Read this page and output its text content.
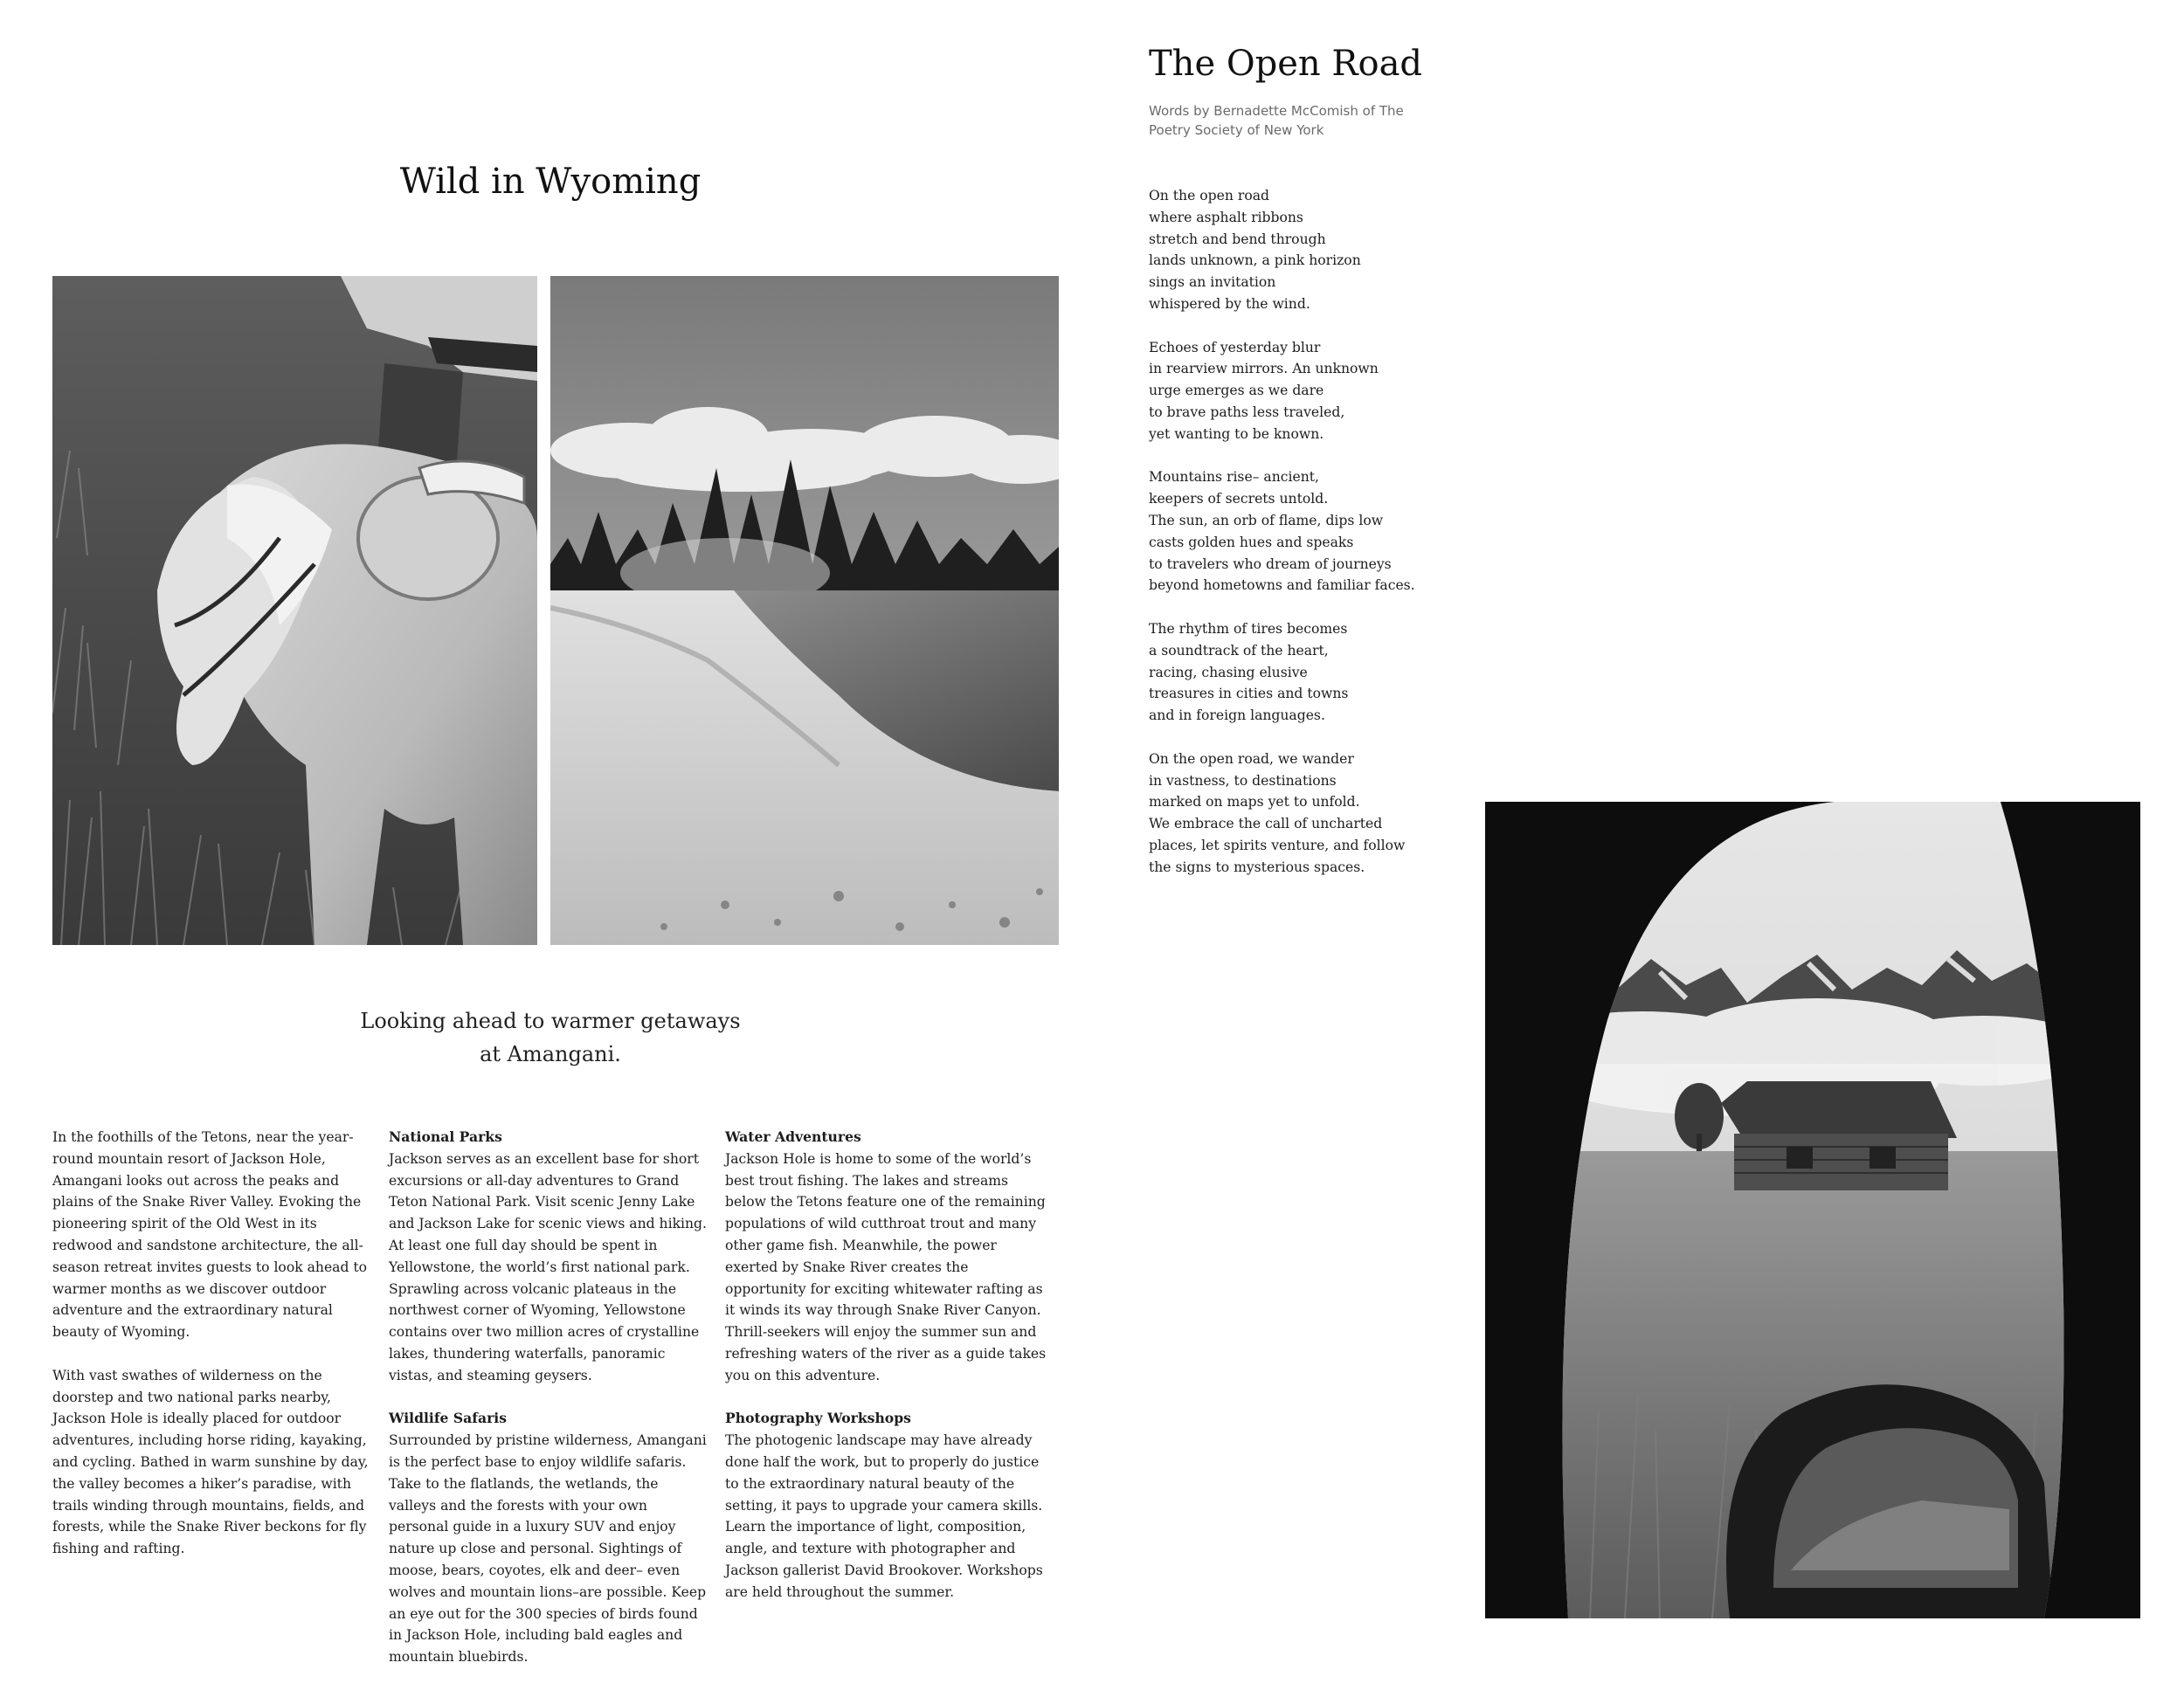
Wild in Wyoming
Looking ahead to warmer getaways
at Amangani.

In the foothills of the Tetons, near the year-round mountain resort of Jackson Hole, Amangani looks out across the peaks and plains of the Snake River Valley. Evoking the pioneering spirit of the Old West in its redwood and sandstone architecture, the all-season retreat invites guests to look ahead to warmer months as we discover outdoor adventure and the extraordinary natural beauty of Wyoming.

With vast swathes of wilderness on the doorstep and two national parks nearby, Jackson Hole is ideally placed for outdoor adventures, including horse riding, kayaking, and cycling. Bathed in warm sunshine by day, the valley becomes a hiker’s paradise, with trails winding through mountains, fields, and forests, while the Snake River beckons for fly fishing and rafting.

National Parks
Jackson serves as an excellent base for short excursions or all-day adventures to Grand Teton National Park. Visit scenic Jenny Lake and Jackson Lake for scenic views and hiking. At least one full day should be spent in Yellowstone, the world’s first national park. Sprawling across volcanic plateaus in the northwest corner of Wyoming, Yellowstone contains over two million acres of crystalline lakes, thundering waterfalls, panoramic vistas, and steaming geysers.
Wildlife Safaris
Surrounded by pristine wilderness, Amangani is the perfect base to enjoy wildlife safaris. Take to the flatlands, the wetlands, the valleys and the forests with your own personal guide in a luxury SUV and enjoy nature up close and personal. Sightings of moose, bears, coyotes, elk and deer– even wolves and mountain lions–are possible. Keep an eye out for the 300 species of birds found in Jackson Hole, including bald eagles and mountain bluebirds.
Water Adventures
Jackson Hole is home to some of the world’s best trout fishing. The lakes and streams below the Tetons feature one of the remaining populations of wild cutthroat trout and many other game fish. Meanwhile, the power exerted by Snake River creates the opportunity for exciting whitewater rafting as it winds its way through Snake River Canyon. Thrill-seekers will enjoy the summer sun and refreshing waters of the river as a guide takes you on this adventure.
Photography Workshops
The photogenic landscape may have already done half the work, but to properly do justice to the extraordinary natural beauty of the setting, it pays to upgrade your camera skills. Learn the importance of light, composition, angle, and texture with photographer and Jackson gallerist David Brookover. Workshops are held throughout the summer.
The Open Road
Words by Bernadette McComish of The
Poetry Society of New York
On the open road
where asphalt ribbons
stretch and bend through
lands unknown, a pink horizon
sings an invitation
whispered by the wind.
Echoes of yesterday blur
in rearview mirrors. An unknown
urge emerges as we dare
to brave paths less traveled,
yet wanting to be known.
Mountains rise– ancient,
keepers of secrets untold.
The sun, an orb of flame, dips low
casts golden hues and speaks
to travelers who dream of journeys
beyond hometowns and familiar faces.
The rhythm of tires becomes
a soundtrack of the heart,
racing, chasing elusive
treasures in cities and towns
and in foreign languages.
On the open road, we wander
in vastness, to destinations
marked on maps yet to unfold.
We embrace the call of uncharted
places, let spirits venture, and follow
the signs to mysterious spaces.
